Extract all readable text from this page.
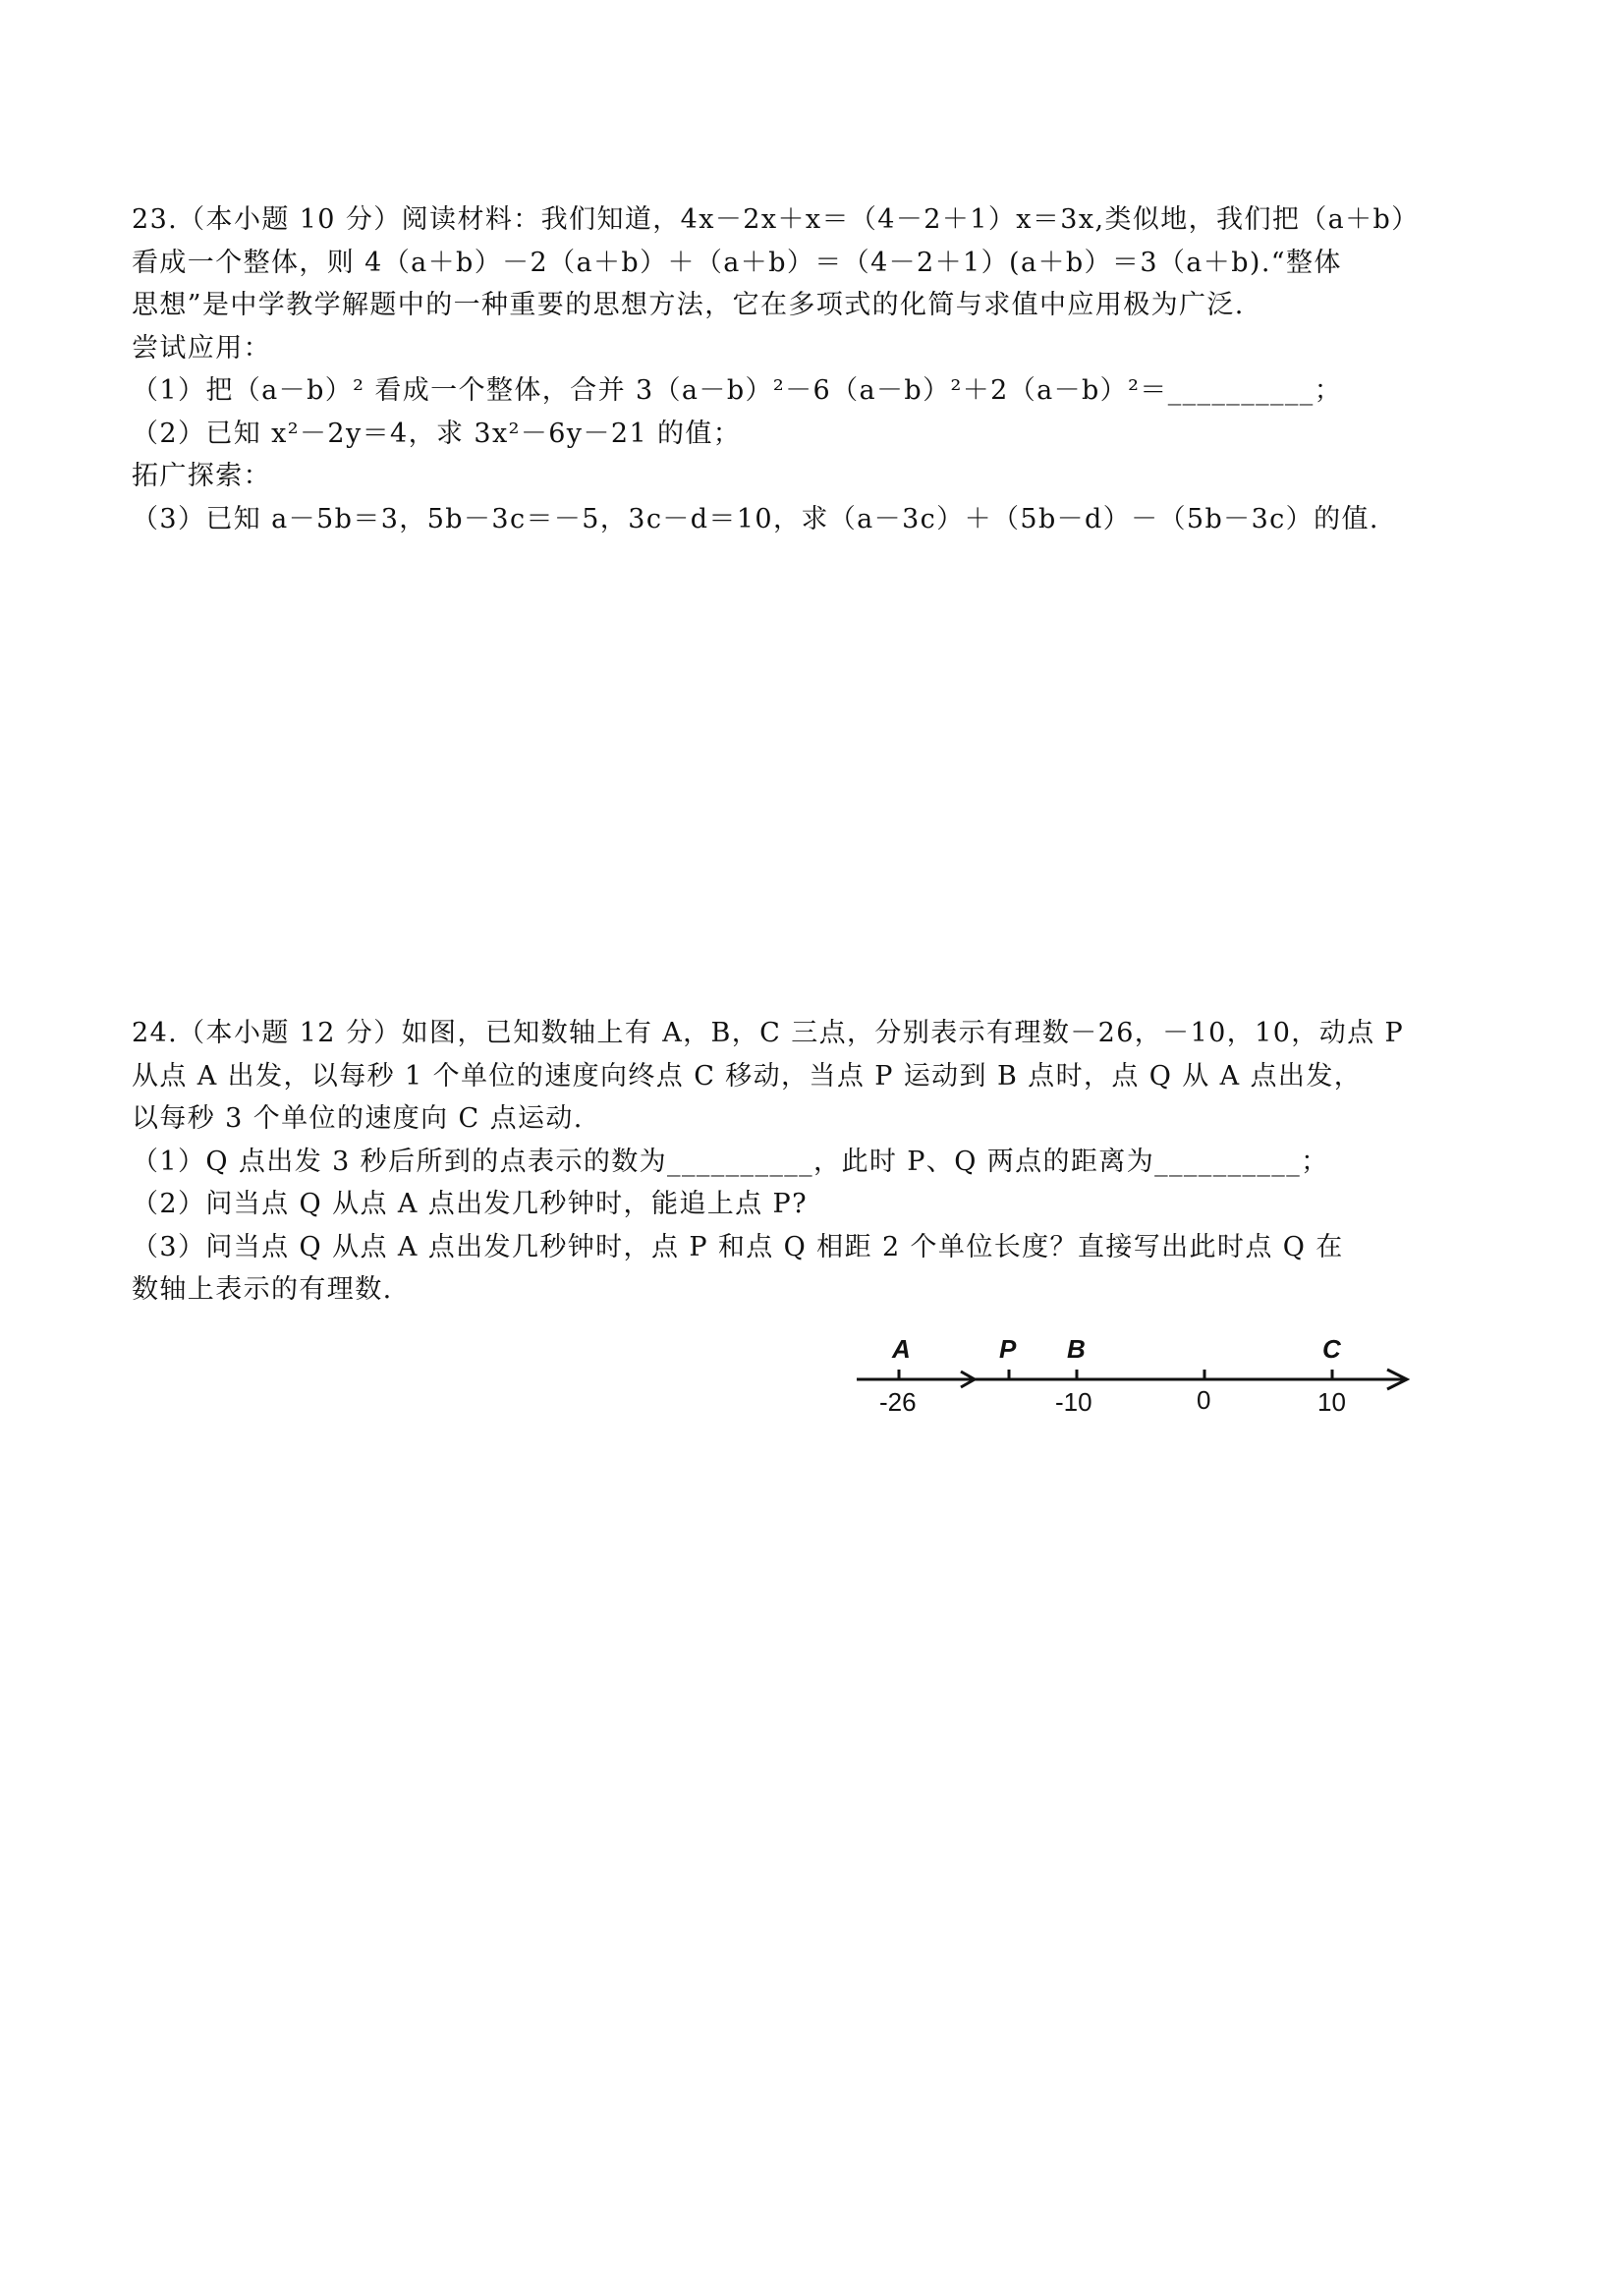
23.（本小题 10 分）阅读材料：我们知道，4x－2x＋x＝（4－2＋1）x＝3x,类似地，我们把（a＋b）
看成一个整体，则 4（a＋b）－2（a＋b）＋（a＋b）＝（4－2＋1）(a＋b）＝3（a＋b).“整体
思想”是中学教学解题中的一种重要的思想方法，它在多项式的化简与求值中应用极为广泛.
尝试应用：
（1）把（a－b）² 看成一个整体，合并 3（a－b）²－6（a－b）²＋2（a－b）²＝__________；
（2）已知 x²－2y＝4，求 3x²－6y－21 的值；
拓广探索：
（3）已知 a－5b＝3，5b－3c＝－5，3c－d＝10，求（a－3c）＋（5b－d）－（5b－3c）的值.
24.（本小题 12 分）如图，已知数轴上有 A，B，C 三点，分别表示有理数－26，－10，10，动点 P
从点 A 出发，以每秒 1 个单位的速度向终点 C 移动，当点 P 运动到 B 点时，点 Q 从 A 点出发，
以每秒 3 个单位的速度向 C 点运动.
（1）Q 点出发 3 秒后所到的点表示的数为__________，此时 P、Q 两点的距离为__________；
（2）问当点 Q 从点 A 点出发几秒钟时，能追上点 P?
（3）问当点 Q 从点 A 点出发几秒钟时，点 P 和点 Q 相距 2 个单位长度？直接写出此时点 Q 在
数轴上表示的有理数.
A	P B	C
-26	-10	0	10
